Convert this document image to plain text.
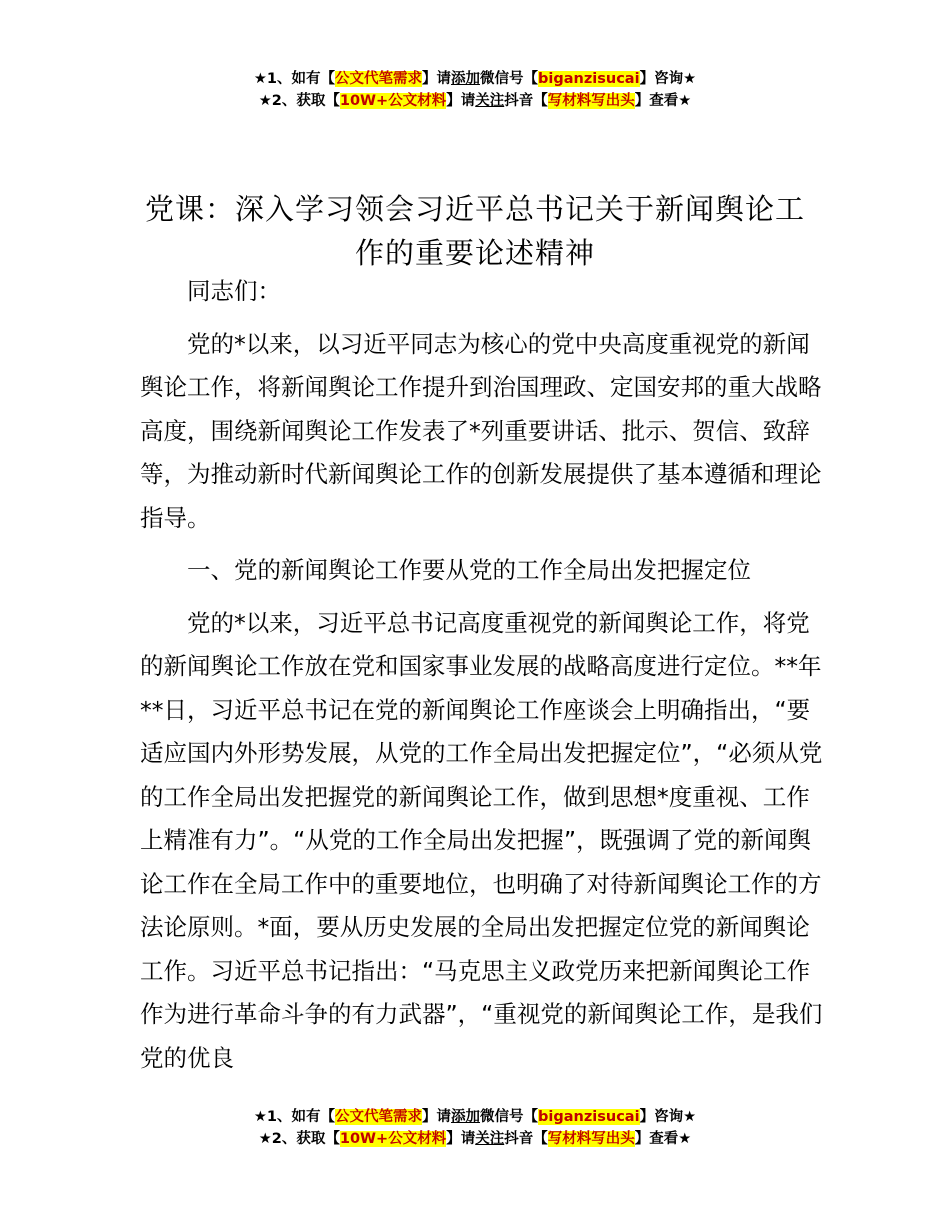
★1、如有【公文代笔需求】请添加微信号【biganzisucai】咨询★
★2、获取【10W+公文材料】请关注抖音【写材料写出头】查看★
党课：深入学习领会习近平总书记关于新闻舆论工作的重要论述精神

同志们：

党的*以来，以习近平同志为核心的党中央高度重视党的新闻舆论工作，将新闻舆论工作提升到治国理政、定国安邦的重大战略高度，围绕新闻舆论工作发表了*列重要讲话、批示、贺信、致辞等，为推动新时代新闻舆论工作的创新发展提供了基本遵循和理论指导。

一、党的新闻舆论工作要从党的工作全局出发把握定位

党的*以来，习近平总书记高度重视党的新闻舆论工作，将党的新闻舆论工作放在党和国家事业发展的战略高度进行定位。**年**日，习近平总书记在党的新闻舆论工作座谈会上明确指出，“要适应国内外形势发展，从党的工作全局出发把握定位”，“必须从党的工作全局出发把握党的新闻舆论工作，做到思想*度重视、工作上精准有力”。“从党的工作全局出发把握”，既强调了党的新闻舆论工作在全局工作中的重要地位，也明确了对待新闻舆论工作的方法论原则。*面，要从历史发展的全局出发把握定位党的新闻舆论工作。习近平总书记指出：“马克思主义政党历来把新闻舆论工作作为进行革命斗争的有力武器”，“重视党的新闻舆论工作，是我们党的优良

★1、如有【公文代笔需求】请添加微信号【biganzisucai】咨询★
★2、获取【10W+公文材料】请关注抖音【写材料写出头】查看★
